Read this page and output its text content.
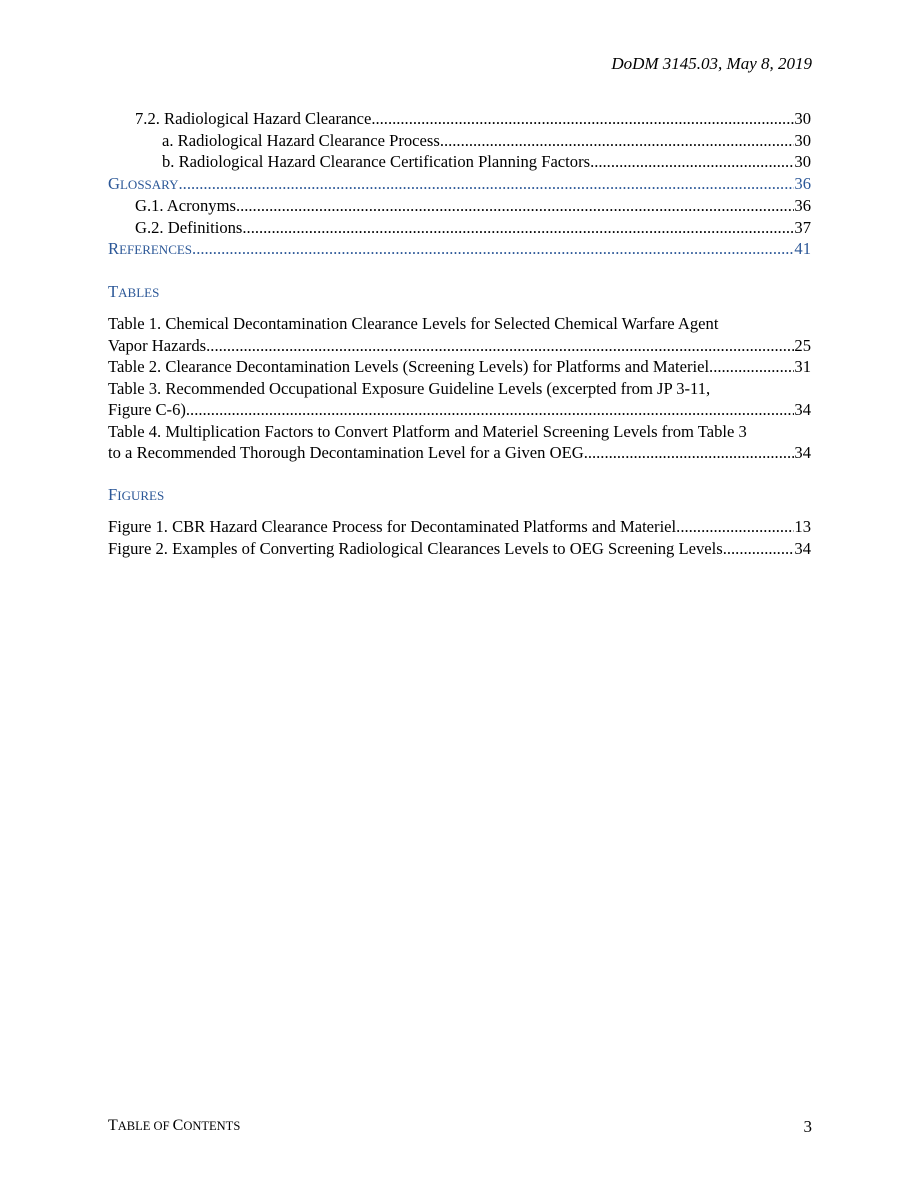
DoDM 3145.03, May 8, 2019
7.2. Radiological Hazard Clearance .....	30
a. Radiological Hazard Clearance Process .....	30
b. Radiological Hazard Clearance Certification Planning Factors. .....	30
GLOSSARY .....	36
G.1. Acronyms. .....	36
G.2. Definitions. .....	37
REFERENCES .....	41
TABLES
Table 1. Chemical Decontamination Clearance Levels for Selected Chemical Warfare Agent
Vapor Hazards. .....	25
Table 2. Clearance Decontamination Levels (Screening Levels) for Platforms and Materiel. .....	31
Table 3. Recommended Occupational Exposure Guideline Levels (excerpted from JP 3-11,
Figure C-6). .....	34
Table 4. Multiplication Factors to Convert Platform and Materiel Screening Levels from Table 3
to a Recommended Thorough Decontamination Level for a Given OEG. .....	34
FIGURES
Figure 1. CBR Hazard Clearance Process for Decontaminated Platforms and Materiel .....	13
Figure 2. Examples of Converting Radiological Clearances Levels to OEG Screening Levels .....	34
TABLE OF CONTENTS	3
